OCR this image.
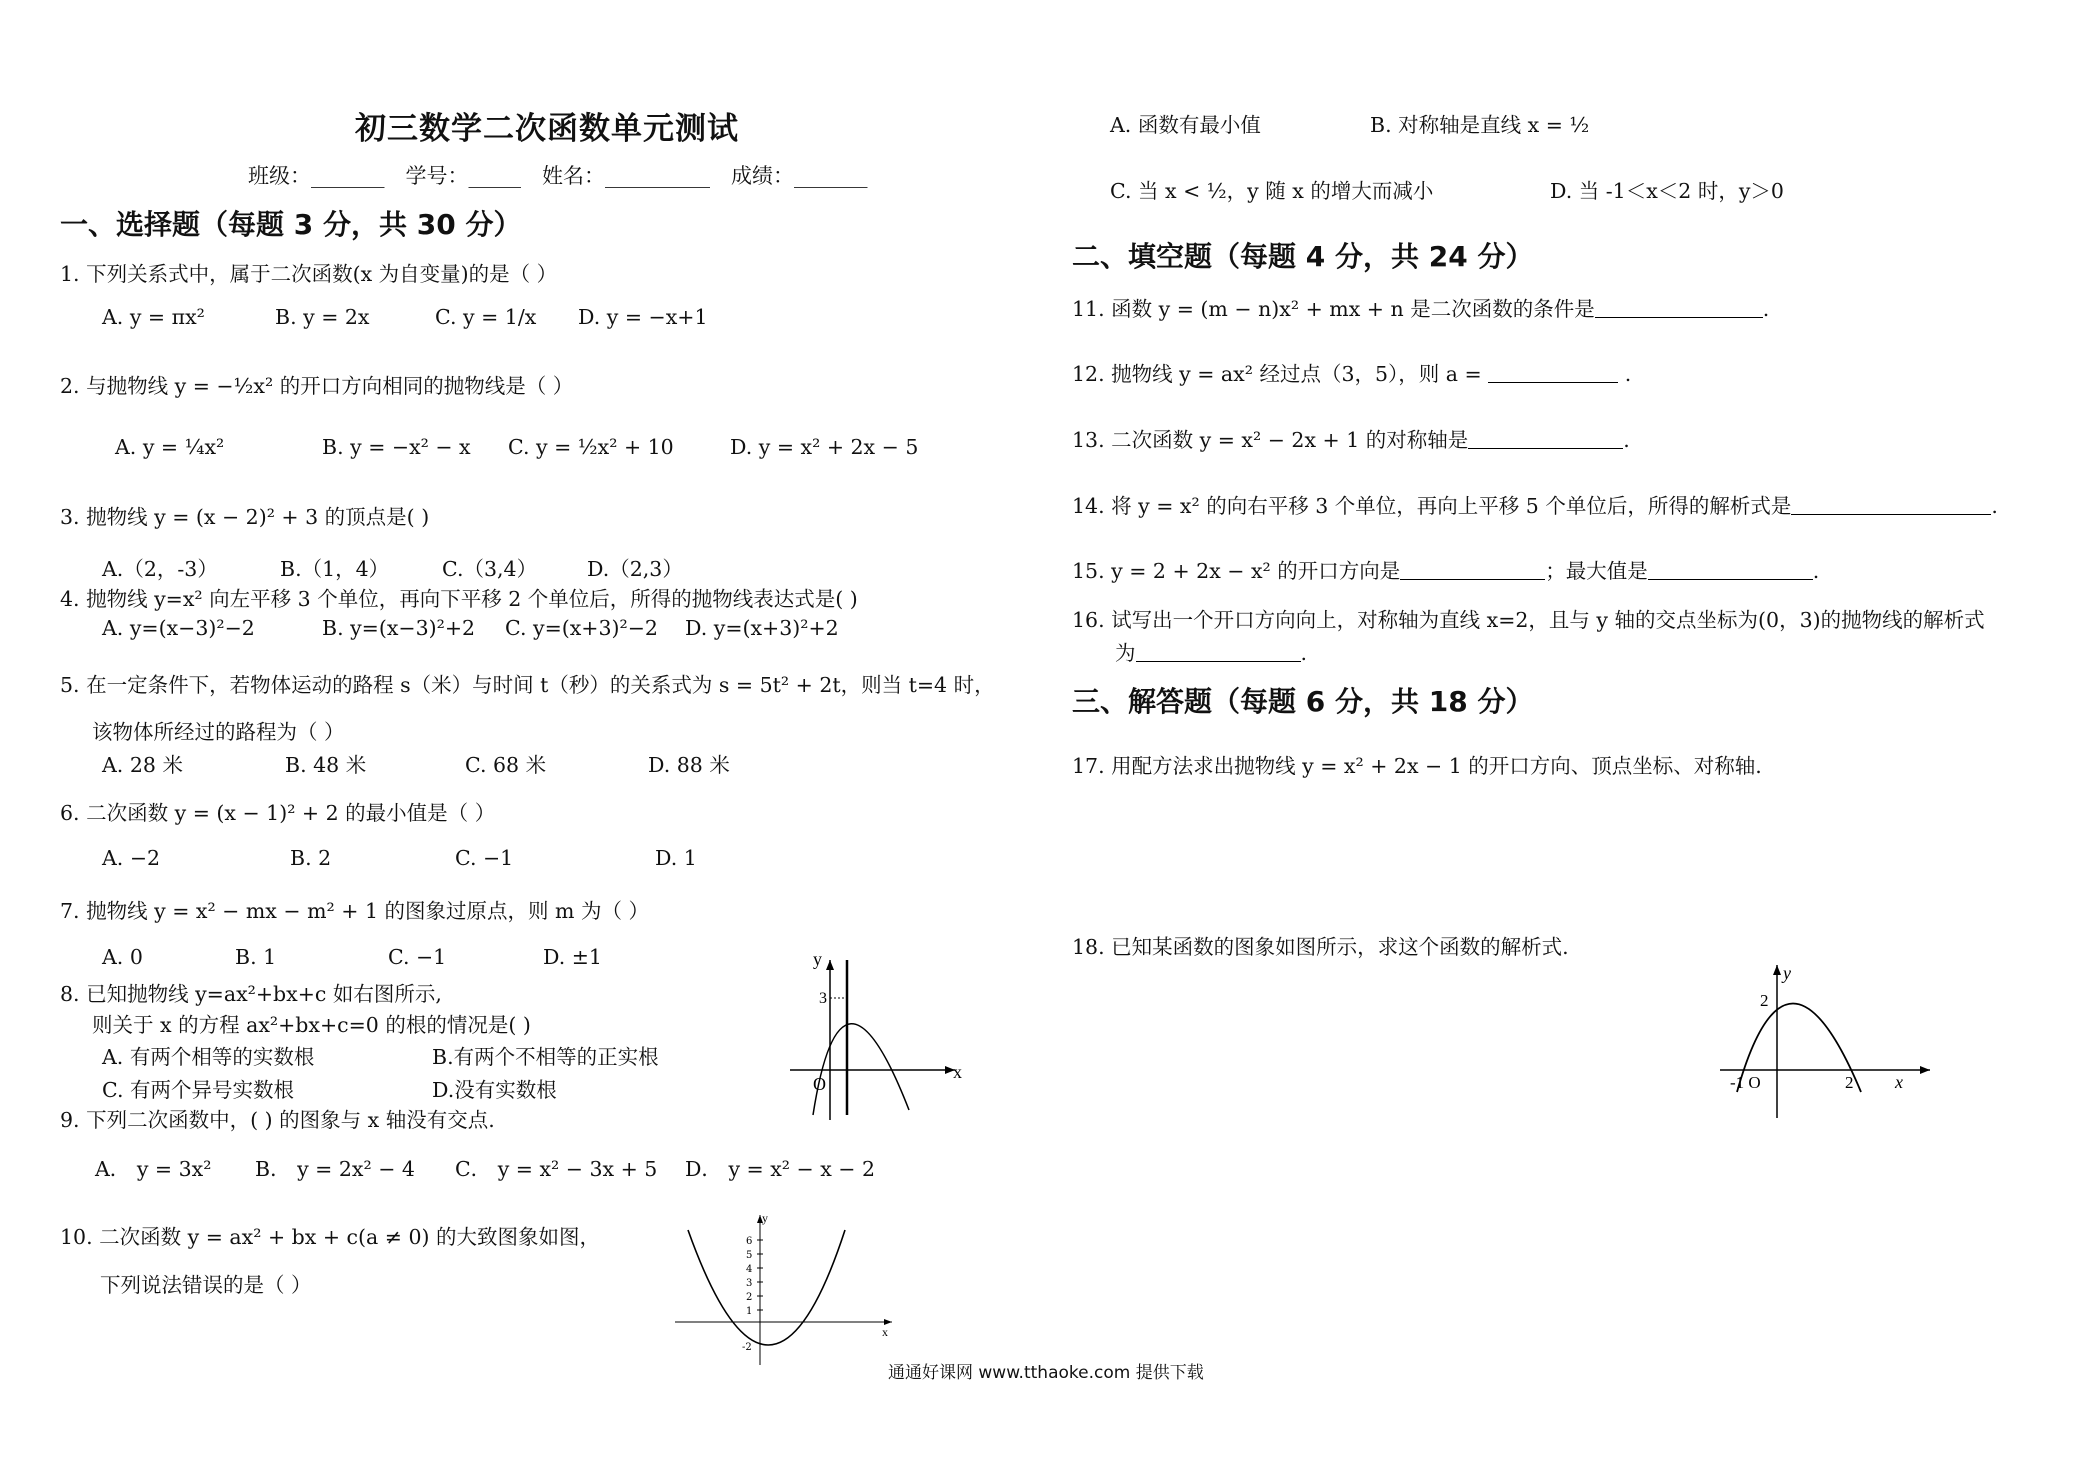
初三数学二次函数单元测试
班级：_______　学号：_____　姓名：__________　成绩：_______
一、选择题（每题 3 分，共 30 分）
1. 下列关系式中，属于二次函数(x 为自变量)的是（ ）
A. y = πx²	B. y = 2x	C. y = 1/x D. y = −x+1
2. 与抛物线 y = −½x² 的开口方向相同的抛物线是（ ）
A. y = ¼x²	B. y = −x² − x C. y = ½x² + 10	D. y = x² + 2x − 5
3. 抛物线 y = (x − 2)² + 3 的顶点是( )
A.（2，-3）	B.（1，4）	C.（3,4） D.（2,3）
4. 抛物线 y=x² 向左平移 3 个单位，再向下平移 2 个单位后，所得的抛物线表达式是( )
A. y=(x−3)²−2	B. y=(x−3)²+2 C. y=(x+3)²−2 D. y=(x+3)²+2
5. 在一定条件下，若物体运动的路程 s（米）与时间 t（秒）的关系式为 s = 5t² + 2t，则当 t=4 时，
该物体所经过的路程为（ ）
A. 28 米	B. 48 米	C. 68 米	D. 88 米
6. 二次函数 y = (x − 1)² + 2 的最小值是（ ）
A. −2	B. 2	C. −1	D. 1
7. 抛物线 y = x² − mx − m² + 1 的图象过原点，则 m 为（ ）
A. 0	B. 1	C. −1	D. ±1
8. 已知抛物线 y=ax²+bx+c 如右图所示,
则关于 x 的方程 ax²+bx+c=0 的根的情况是( )
A. 有两个相等的实数根	B.有两个不相等的正实根
C. 有两个异号实数根	D.没有实数根
y
x
O
3
9. 下列二次函数中，( ) 的图象与 x 轴没有交点.
A． y = 3x² B． y = 2x² − 4 C． y = x² − 3x + 5 D． y = x² − x − 2
10. 二次函数 y = ax² + bx + c(a ≠ 0) 的大致图象如图，
下列说法错误的是（ ）
y
x
6
5
4
3
2
1
-2
A. 函数有最小值	B. 对称轴是直线 x = ½
C. 当 x < ½，y 随 x 的增大而减小	D. 当 -1＜x＜2 时，y＞0
二、填空题（每题 4 分，共 24 分）
11. 函数 y = (m − n)x² + mx + n 是二次函数的条件是	.
12. 抛物线 y = ax² 经过点（3，5），则 a =	.
13. 二次函数 y = x² − 2x + 1 的对称轴是	.
14. 将 y = x² 的向右平移 3 个单位，再向上平移 5 个单位后，所得的解析式是	.
15. y = 2 + 2x − x² 的开口方向是	；最大值是	.
16. 试写出一个开口方向向上，对称轴为直线 x=2，且与 y 轴的交点坐标为(0，3)的抛物线的解析式
为	.
三、解答题（每题 6 分，共 18 分）
17. 用配方法求出抛物线 y = x² + 2x − 1 的开口方向、顶点坐标、对称轴.
18. 已知某函数的图象如图所示，求这个函数的解析式.
y
x
-1 O
2
2
通通好课网 www.tthaoke.com 提供下载
